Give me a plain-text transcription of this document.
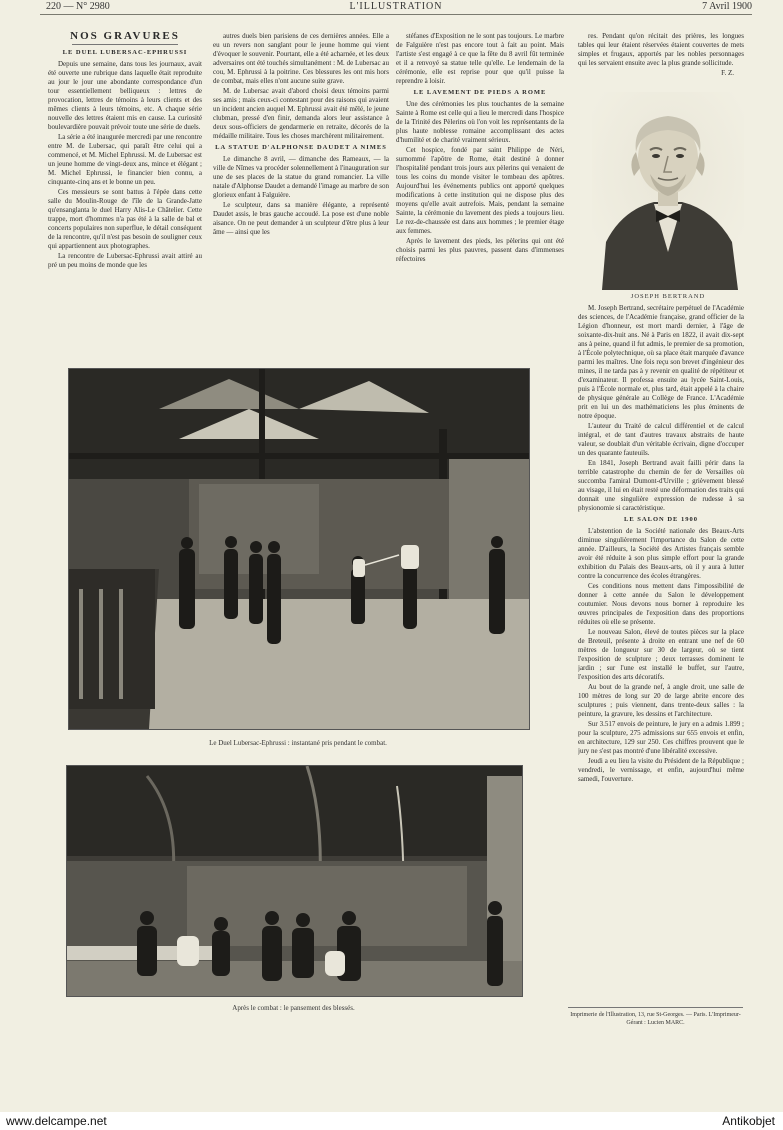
220 — N° 2980	L'ILLUSTRATION	7 Avril 1900
NOS GRAVURES
LE DUEL LUBERSAC-EPHRUSSI

Depuis une semaine, dans tous les journaux, avait été ouverte une rubrique dans laquelle était reproduite au jour le jour une abondante correspondance d'un tour essentiellement belliqueux : lettres de provocation, lettres de témoins à leurs clients et des mêmes clients à leurs témoins, etc. A chaque série nouvelle des lettres étaient mis en cause. La curiosité boulevardière pouvait prévoir toute une série de duels.

La série a été inaugurée mercredi par une rencontre entre M. de Lubersac, qui paraît être celui qui a commencé, et M. Michel Ephrussi. M. de Lubersac est un jeune homme de vingt-deux ans, mince et élégant ; M. Michel Ephrussi, le financier bien connu, a cinquante-cinq ans et le bonne un peu.

Ces messieurs se sont battus à l'épée dans cette salle du Moulin-Rouge de l'île de la Grande-Jatte qu'ensanglanta le duel Harry Alis-Le Châtelier. Cette trappe, mort d'hommes n'a pas été à la salle de bal et concerts populaires non superflue, le détail conséquent de la rencontre, qu'il n'est pas besoin de souligner ceux qui appartiennent aux photographes.

La rencontre de Lubersac-Ephrussi avait attiré au pré un peu moins de monde que les

autres duels bien parisiens de ces dernières années. Elle a eu un revers non sanglant pour le jeune homme qui vient d'évoquer le souvenir. Pourtant, elle a été acharnée, et les deux adversaires ont été touchés simultanément : M. de Lubersac au cou, M. Ephrussi à la poitrine. Ces blessures les ont mis hors de combat, mais elles n'ont aucune suite grave.

M. de Lubersac avait d'abord choisi deux témoins parmi ses amis ; mais ceux-ci contestant pour des raisons qui avaient un incident ancien auquel M. Ephrussi avait été mêlé, le jeune clubman, pressé d'en finir, demanda alors leur assistance à deux sous-officiers de gendarmerie en retraite, décorés de la médaille militaire. Tous les choses marchèrent militairement.

LA STATUE D'ALPHONSE DAUDET A NIMES

Le dimanche 8 avril, — dimanche des Rameaux, — la ville de Nîmes va procéder solennellement à l'inauguration sur une de ses places de la statue du grand romancier. La ville natale d'Alphonse Daudet a demandé l'image au marbre de son glorieux enfant à Falguière.

Le sculpteur, dans sa manière élégante, a représenté Daudet assis, le bras gauche accoudé. La pose est d'une noble aisance. On ne peut demander à un sculpteur d'être plus à leur âme — ainsi que les

stéfanes d'Exposition ne le sont pas toujours. Le marbre de Falguière n'est pas encore tout à fait au point. Mais l'artiste s'est engagé à ce que la fête du 8 avril fût terminée et il a renvoyé sa statue telle qu'elle. Le lendemain de la cérémonie, elle est reprise pour que qu'il puisse la reprendre à loisir.

LE LAVEMENT DE PIEDS A ROME

Une des cérémonies les plus touchantes de la semaine Sainte à Rome est celle qui a lieu le mercredi dans l'hospice de la Trinité des Pèlerins où l'on voit les représentants de la plus haute noblesse romaine accomplissant des actes d'humilité et de charité vraiment sérieux.

Cet hospice, fondé par saint Philippe de Néri, surnommé l'apôtre de Rome, était destiné à donner l'hospitalité pendant trois jours aux pèlerins qui venaient de tous les coins du monde visiter le tombeau des apôtres. Aujourd'hui les événements publics ont apporté quelques modifications à cette institution qui ne dispose plus des moyens qu'elle avait autrefois. Mais, pendant la semaine Sainte, la cérémonie du lavement des pieds a toujours lieu. Le rez-de-chaussée est dans aux hommes ; le premier étage aux femmes.

Après le lavement des pieds, les pèlerins qui ont été choisis parmi les plus pauvres, passent dans d'immenses réfectoires

res. Pendant qu'on récitait des prières, les longues tables qui leur étaient réservées étaient couvertes de mets simples et frugaux, apportés par les nobles personnages qui les servaient ensuite avec la plus grande sollicitude.

F. Z.
JOSEPH BERTRAND

M. Joseph Bertrand, secrétaire perpétuel de l'Académie des sciences, de l'Académie française, grand officier de la Légion d'honneur, est mort mardi dernier, à l'âge de soixante-dix-huit ans. Né à Paris en 1822, il avait dix-sept ans à peine, quand il fut admis, le premier de sa promotion, à l'École polytechnique, où sa place était marquée d'avance parmi les maîtres. Une fois reçu son brevet d'ingénieur des mines, il ne tarda pas à y revenir en qualité de répétiteur et d'examinateur. Il professa ensuite au lycée Saint-Louis, puis à l'École normale et, plus tard, était appelé à la chaire de physique générale au Collège de France. L'Académie prit en lui un des mathématiciens les plus éminents de notre époque.

L'auteur du Traité de calcul différentiel et de calcul intégral, et de tant d'autres travaux abstraits de haute valeur, se doublait d'un véritable écrivain, digne d'occuper un des quarante fauteuils.

En 1841, Joseph Bertrand avait failli périr dans la terrible catastrophe du chemin de fer de Versailles où succomba l'amiral Dumont-d'Urville ; grièvement blessé au visage, il lui en était resté une déformation des traits qui donnait une singulière expression de rudesse à sa physionomie si caractéristique.

LE SALON DE 1900

L'abstention de la Société nationale des Beaux-Arts diminue singulièrement l'importance du Salon de cette année. D'ailleurs, la Société des Artistes français semble avoir été réduite à son plus simple effort pour la grande exhibition du Palais des Beaux-arts, où il y aura à lutter contre la concurrence des écoles étrangères.

Ces conditions nous mettent dans l'impossibilité de donner à cette année du Salon le développement coutumier. Nous devons nous borner à reproduire les œuvres principales de l'exposition dans des proportions réduites où elle se présente.

Le nouveau Salon, élevé de toutes pièces sur la place de Breteuil, présente à droite en entrant une nef de 60 mètres de longueur sur 30 de largeur, où se tient l'exposition de sculpture ; deux terrasses dominent le jardin ; sur l'une est installé le buffet, sur l'autre, l'exposition des arts décoratifs.

Au bout de la grande nef, à angle droit, une salle de 100 mètres de long sur 20 de large abrite encore des sculptures ; puis viennent, dans trente-deux salles : la peinture, la gravure, les dessins et l'architecture.

Sur 3.517 envois de peinture, le jury en a admis 1.899 ; pour la sculpture, 275 admissions sur 655 envois et enfin, en architecture, 129 sur 250. Ces chiffres prouvent que le jury ne s'est pas montré d'une libéralité excessive.

Jeudi a eu lieu la visite du Président de la République ; vendredi, le vernissage, et enfin, aujourd'hui même samedi, l'ouverture.

Le Duel Lubersac-Ephrussi : instantané pris pendant le combat.
Après le combat : le pansement des blessés.
Imprimerie de l'Illustration, 13, rue St-Georges. — Paris. L'Imprimeur-Gérant : Lucien MARC.
www.delcampe.net	Antikobjet
